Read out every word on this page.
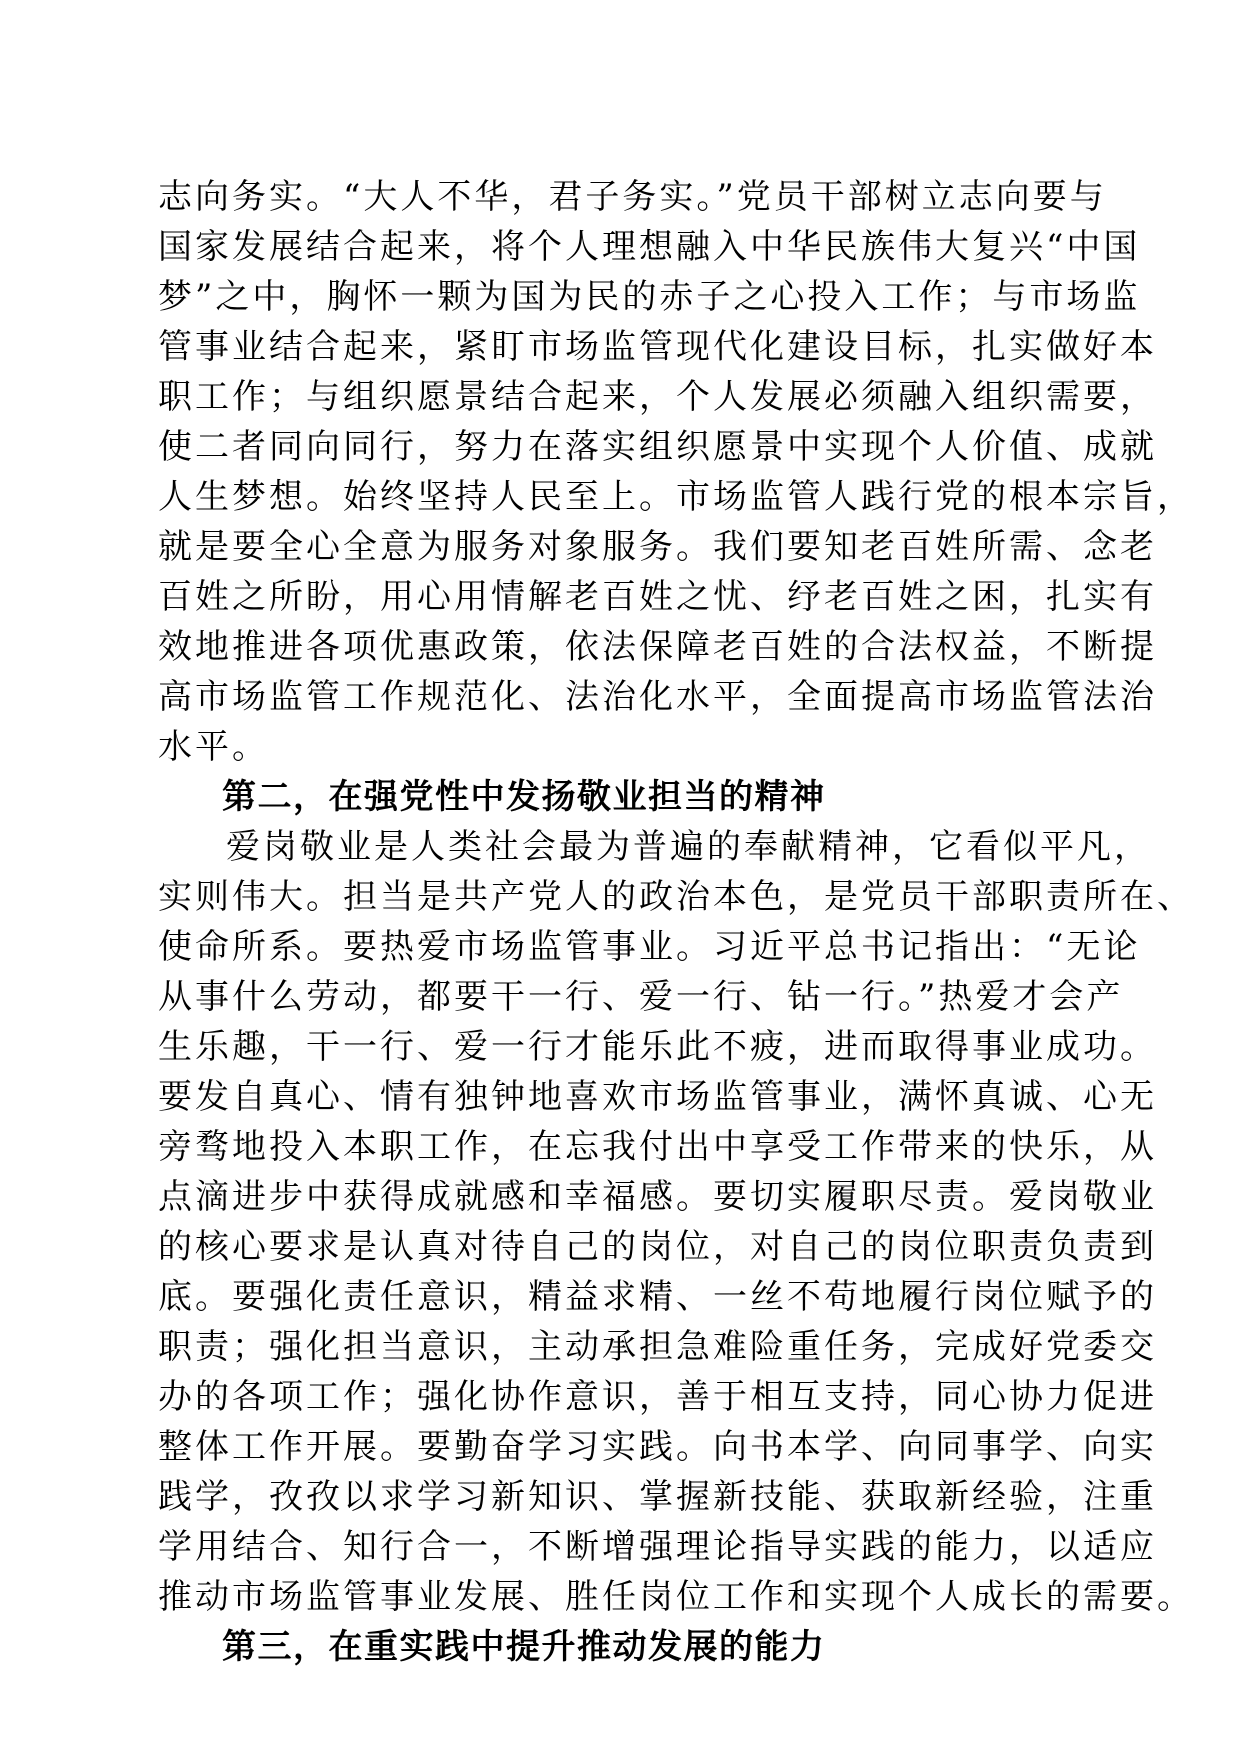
志向务实。“大人不华，君子务实。”党员干部树立志向要与
国家发展结合起来，将个人理想融入中华民族伟大复兴“中国
梦”之中，胸怀一颗为国为民的赤子之心投入工作；与市场监
管事业结合起来，紧盯市场监管现代化建设目标，扎实做好本
职工作；与组织愿景结合起来，个人发展必须融入组织需要，
使二者同向同行，努力在落实组织愿景中实现个人价值、成就
人生梦想。始终坚持人民至上。市场监管人践行党的根本宗旨，
就是要全心全意为服务对象服务。我们要知老百姓所需、念老
百姓之所盼，用心用情解老百姓之忧、纾老百姓之困，扎实有
效地推进各项优惠政策，依法保障老百姓的合法权益，不断提
高市场监管工作规范化、法治化水平，全面提高市场监管法治
水平。
第二，在强党性中发扬敬业担当的精神
爱岗敬业是人类社会最为普遍的奉献精神，它看似平凡，
实则伟大。担当是共产党人的政治本色，是党员干部职责所在、
使命所系。要热爱市场监管事业。习近平总书记指出：“无论
从事什么劳动，都要干一行、爱一行、钻一行。”热爱才会产
生乐趣，干一行、爱一行才能乐此不疲，进而取得事业成功。
要发自真心、情有独钟地喜欢市场监管事业，满怀真诚、心无
旁骛地投入本职工作，在忘我付出中享受工作带来的快乐，从
点滴进步中获得成就感和幸福感。要切实履职尽责。爱岗敬业
的核心要求是认真对待自己的岗位，对自己的岗位职责负责到
底。要强化责任意识，精益求精、一丝不苟地履行岗位赋予的
职责；强化担当意识，主动承担急难险重任务，完成好党委交
办的各项工作；强化协作意识，善于相互支持，同心协力促进
整体工作开展。要勤奋学习实践。向书本学、向同事学、向实
践学，孜孜以求学习新知识、掌握新技能、获取新经验，注重
学用结合、知行合一，不断增强理论指导实践的能力，以适应
推动市场监管事业发展、胜任岗位工作和实现个人成长的需要。
第三，在重实践中提升推动发展的能力
